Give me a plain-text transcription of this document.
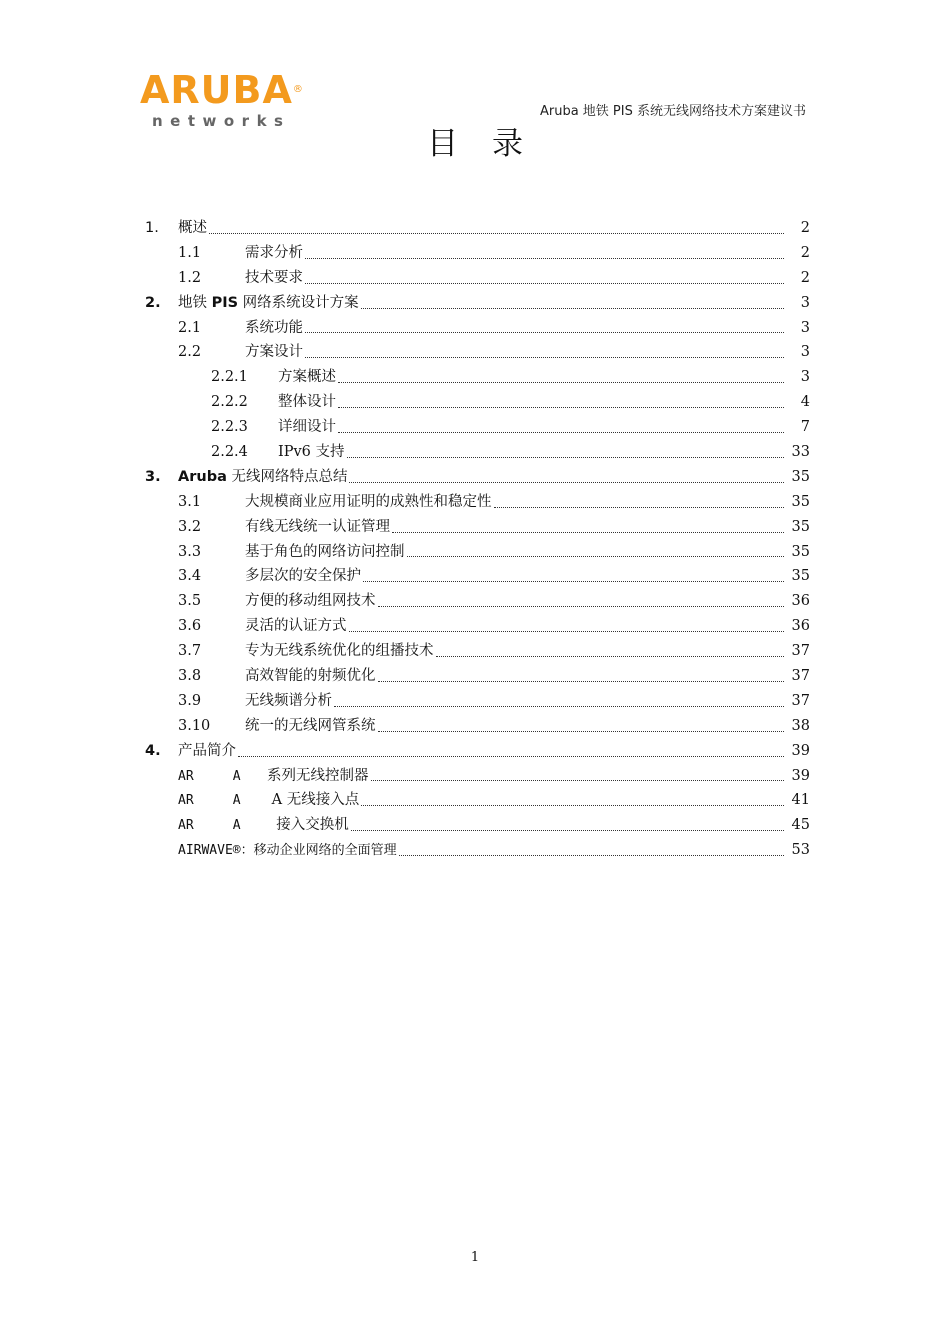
ARUBA®
networks
Aruba 地铁 PIS 系统无线网络技术方案建议书
目录
1.	概述	2
1.1	需求分析	2
1.2	技术要求	2
2.	地铁 PIS 网络系统设计方案	3
2.1	系统功能	3
2.2	方案设计	3
2.2.1	方案概述	3
2.2.2	整体设计	4
2.2.3	详细设计	7
2.2.4	IPv6 支持	33
3.	Aruba 无线网络特点总结	35
3.1	大规模商业应用证明的成熟性和稳定性	35
3.2	有线无线统一认证管理	35
3.3	基于角色的网络访问控制	35
3.4	多层次的安全保护	35
3.5	方便的移动组网技术	36
3.6	灵活的认证方式	36
3.7	专为无线系统优化的组播技术	37
3.8	高效智能的射频优化	37
3.9	无线频谱分析	37
3.10	统一的无线网管系统	38
4.	产品简介	39
AR     A	系列无线控制器	39
AR     A	A 无线接入点	41
AR     A	接入交换机	45
AIRWAVE®： 移动企业网络的全面管理	53
1
